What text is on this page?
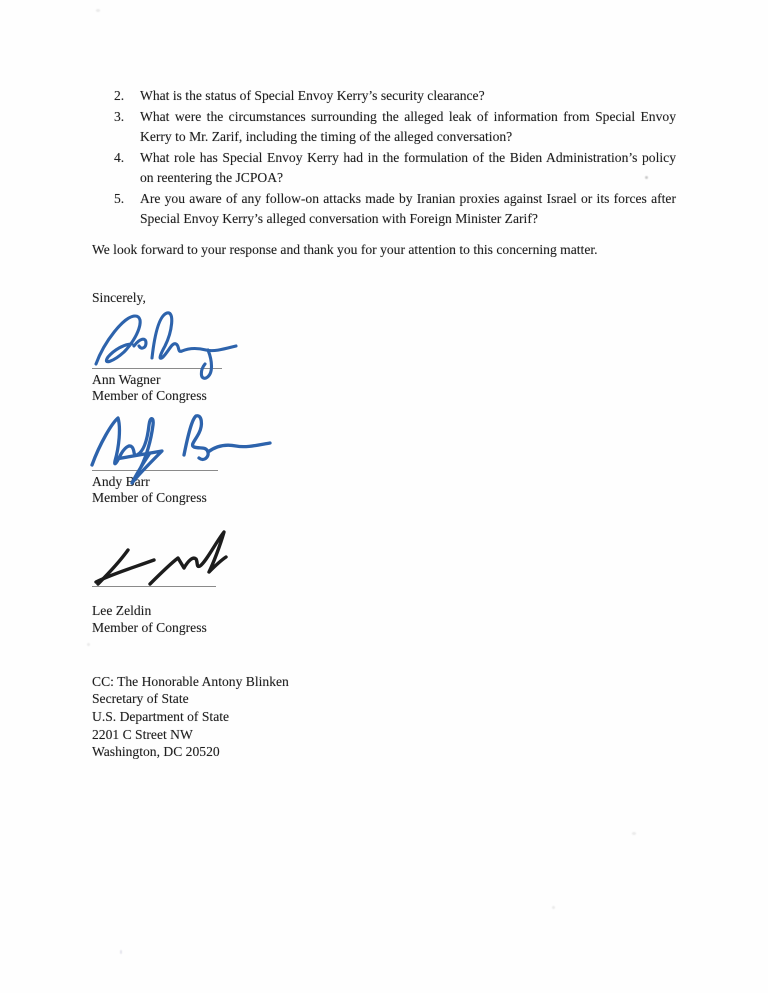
2.	What is the status of Special Envoy Kerry’s security clearance?
3.	What were the circumstances surrounding the alleged leak of information from Special Envoy Kerry to Mr. Zarif, including the timing of the alleged conversation?
4.	What role has Special Envoy Kerry had in the formulation of the Biden Administration’s policy on reentering the JCPOA?
5.	Are you aware of any follow-on attacks made by Iranian proxies against Israel or its forces after Special Envoy Kerry’s alleged conversation with Foreign Minister Zarif?

We look forward to your response and thank you for your attention to this concerning matter.

Sincerely,

Ann Wagner
Member of Congress
Andy Barr
Member of Congress
Lee Zeldin
Member of Congress
CC: The Honorable Antony Blinken
Secretary of State
U.S. Department of State
2201 C Street NW
Washington, DC 20520
